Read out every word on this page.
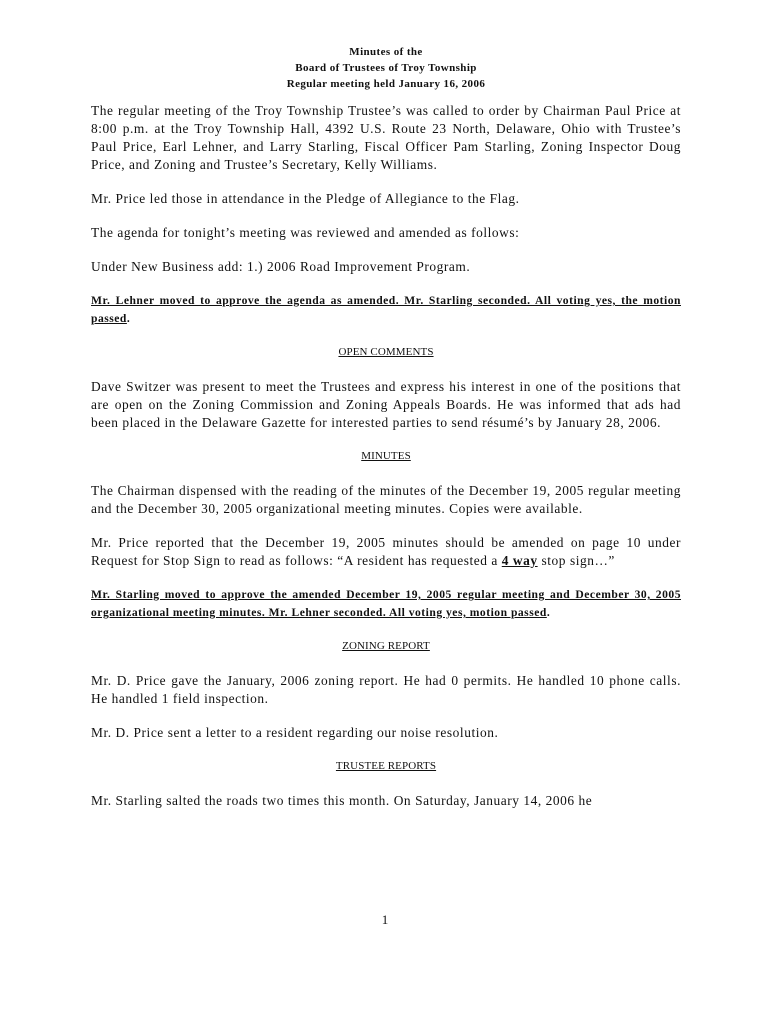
Minutes of the
Board of Trustees of Troy Township
Regular meeting held January 16, 2006

The regular meeting of the Troy Township Trustee’s was called to order by Chairman Paul Price at 8:00 p.m. at the Troy Township Hall, 4392 U.S. Route 23 North, Delaware, Ohio with Trustee’s Paul Price, Earl Lehner, and Larry Starling, Fiscal Officer Pam Starling, Zoning Inspector Doug Price, and Zoning and Trustee’s Secretary, Kelly Williams.

Mr. Price led those in attendance in the Pledge of Allegiance to the Flag.

The agenda for tonight’s meeting was reviewed and amended as follows:

Under New Business add: 1.) 2006 Road Improvement Program.

Mr. Lehner moved to approve the agenda as amended. Mr. Starling seconded. All voting yes, the motion passed.

OPEN COMMENTS

Dave Switzer was present to meet the Trustees and express his interest in one of the positions that are open on the Zoning Commission and Zoning Appeals Boards. He was informed that ads had been placed in the Delaware Gazette for interested parties to send résumé’s by January 28, 2006.

MINUTES

The Chairman dispensed with the reading of the minutes of the December 19, 2005 regular meeting and the December 30, 2005 organizational meeting minutes. Copies were available.

Mr. Price reported that the December 19, 2005 minutes should be amended on page 10 under Request for Stop Sign to read as follows: “A resident has requested a 4 way stop sign…”

Mr. Starling moved to approve the amended December 19, 2005 regular meeting and December 30, 2005 organizational meeting minutes. Mr. Lehner seconded. All voting yes, motion passed.

ZONING REPORT

Mr. D. Price gave the January, 2006 zoning report. He had 0 permits. He handled 10 phone calls. He handled 1 field inspection.

Mr. D. Price sent a letter to a resident regarding our noise resolution.

TRUSTEE REPORTS

Mr. Starling salted the roads two times this month. On Saturday, January 14, 2006 he

1
